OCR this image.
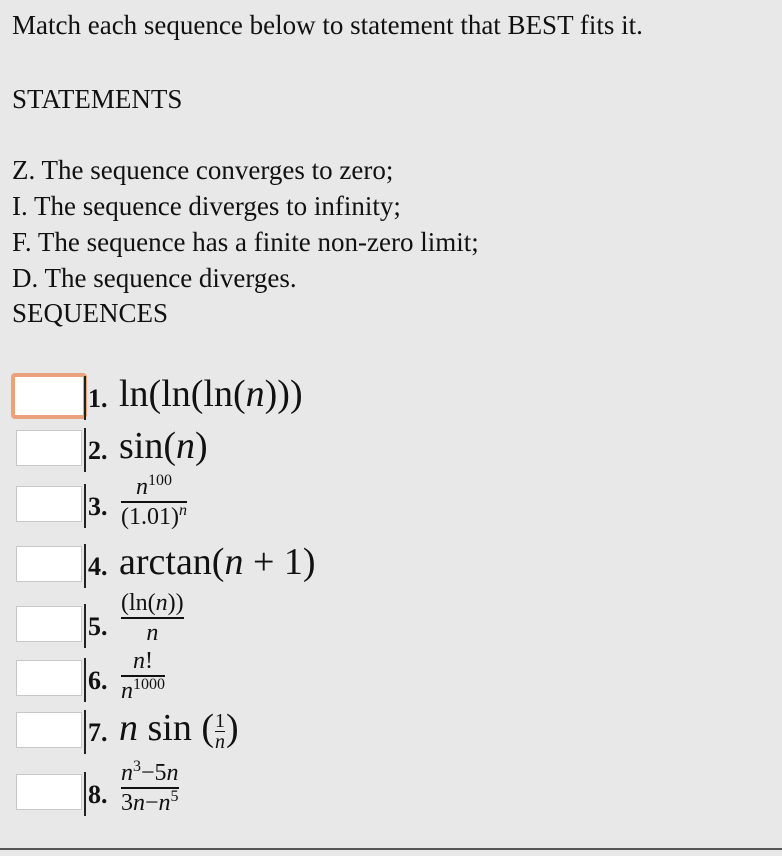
Match each sequence below to statement that BEST fits it.
STATEMENTS
Z. The sequence converges to zero;
I. The sequence diverges to infinity;
F. The sequence has a finite non-zero limit;
D. The sequence diverges.
SEQUENCES
1. ln(ln(ln(n)))
2. sin(n)
3.
$n^{100}$
$(1.01)^n$
4. arctan(n + 1)
5.
(ln(n))
n
6.
n!
$n^{1000}$
7. n $\sin (\frac{1}{n})$
8.
$n^3-5n$
$3n-n^5$
